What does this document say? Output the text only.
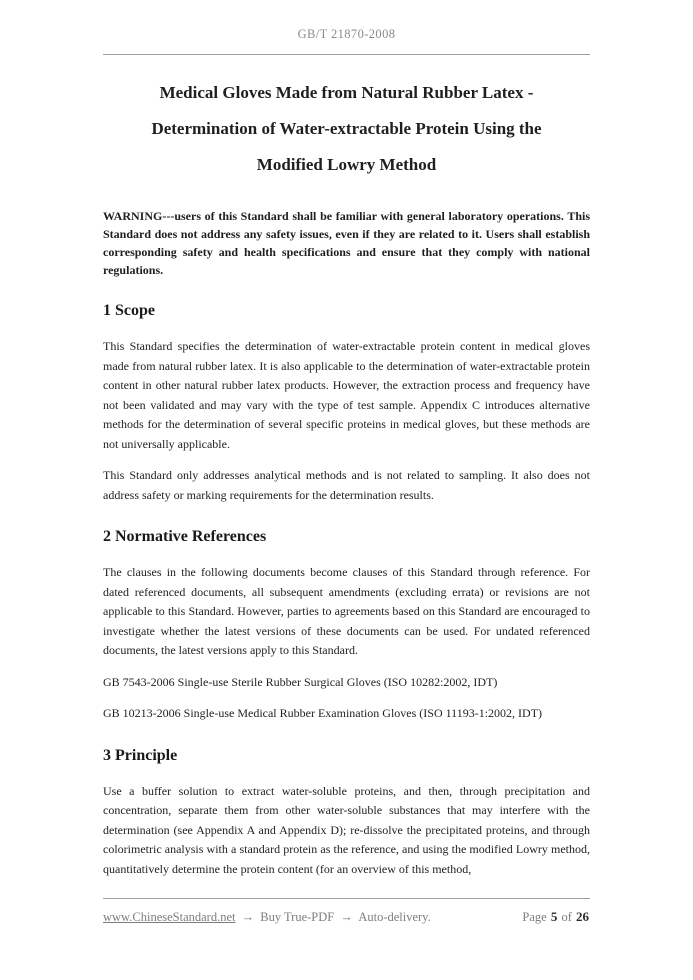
GB/T 21870-2008
Medical Gloves Made from Natural Rubber Latex -
Determination of Water-extractable Protein Using the
Modified Lowry Method

WARNING---users of this Standard shall be familiar with general laboratory operations. This Standard does not address any safety issues, even if they are related to it. Users shall establish corresponding safety and health specifications and ensure that they comply with national regulations.

1 Scope

This Standard specifies the determination of water-extractable protein content in medical gloves made from natural rubber latex. It is also applicable to the determination of water-extractable protein content in other natural rubber latex products. However, the extraction process and frequency have not been validated and may vary with the type of test sample. Appendix C introduces alternative methods for the determination of several specific proteins in medical gloves, but these methods are not universally applicable.

This Standard only addresses analytical methods and is not related to sampling. It also does not address safety or marking requirements for the determination results.

2 Normative References

The clauses in the following documents become clauses of this Standard through reference. For dated referenced documents, all subsequent amendments (excluding errata) or revisions are not applicable to this Standard. However, parties to agreements based on this Standard are encouraged to investigate whether the latest versions of these documents can be used. For undated referenced documents, the latest versions apply to this Standard.

GB 7543-2006 Single-use Sterile Rubber Surgical Gloves (ISO 10282:2002, IDT)

GB 10213-2006 Single-use Medical Rubber Examination Gloves (ISO 11193-1:2002, IDT)

3 Principle

Use a buffer solution to extract water-soluble proteins, and then, through precipitation and concentration, separate them from other water-soluble substances that may interfere with the determination (see Appendix A and Appendix D); re-dissolve the precipitated proteins, and through colorimetric analysis with a standard protein as the reference, and using the modified Lowry method, quantitatively determine the protein content (for an overview of this method,

www.ChineseStandard.net → Buy True-PDF → Auto-delivery.	Page 5 of 26
